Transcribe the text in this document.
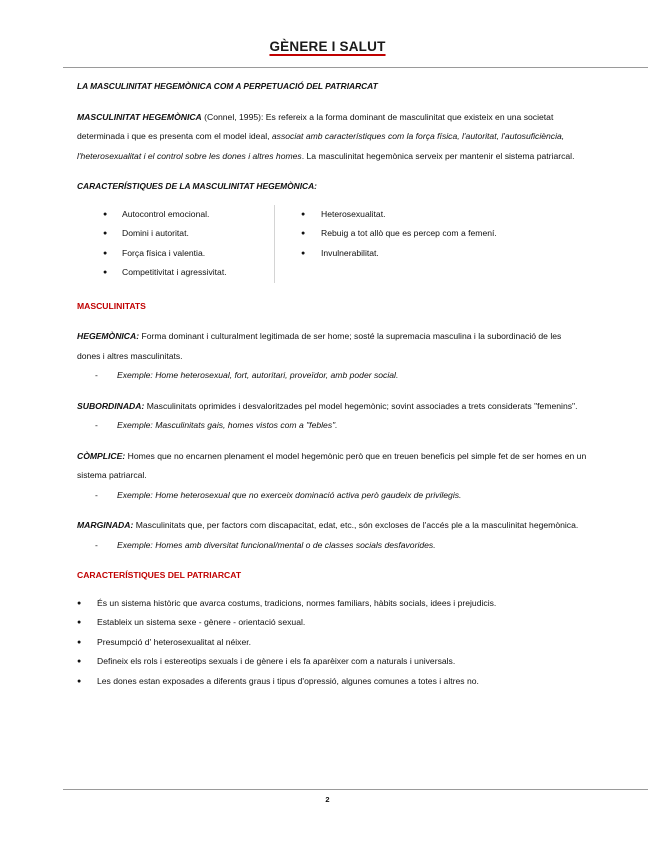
GÈNERE I SALUT

LA MASCULINITAT HEGEMÒNICA COM A PERPETUACIÓ DEL PATRIARCAT

MASCULINITAT HEGEMÒNICA (Connel, 1995): Es refereix a la forma dominant de masculinitat que existeix en una societat determinada i que es presenta com el model ideal, associat amb característiques com la força física, l'autoritat, l'autosuficiència, l'heterosexualitat i el control sobre les dones i altres homes. La masculinitat hegemònica serveix per mantenir el sistema patriarcal.

CARACTERÍSTIQUES DE LA MASCULINITAT HEGEMÒNICA:

● Autocontrol emocional.
● Domini i autoritat.
● Força física i valentia.
● Competitivitat i agressivitat.
● Heterosexualitat.
● Rebuig a tot allò que es percep com a femení.
● Invulnerabilitat.

MASCULINITATS

HEGEMÒNICA: Forma dominant i culturalment legitimada de ser home; sosté la supremacia masculina i la subordinació de les dones i altres masculinitats.

- Exemple: Home heterosexual, fort, autoritari, proveïdor, amb poder social.

SUBORDINADA: Masculinitats oprimides i desvaloritzades pel model hegemònic; sovint associades a trets considerats "femenins".

- Exemple: Masculinitats gais, homes vistos com a "febles".

CÒMPLICE: Homes que no encarnen plenament el model hegemònic però que en treuen beneficis pel simple fet de ser homes en un sistema patriarcal.

- Exemple: Home heterosexual que no exerceix dominació activa però gaudeix de privilegis.

MARGINADA: Masculinitats que, per factors com discapacitat, edat, etc., són excloses de l'accés ple a la masculinitat hegemònica.

- Exemple: Homes amb diversitat funcional/mental o de classes socials desfavorides.

CARACTERÍSTIQUES DEL PATRIARCAT

● És un sistema històric que avarca costums, tradicions, normes familiars, hàbits socials, idees i prejudicis.
● Estableix un sistema sexe - gènere - orientació sexual.
● Presumpció d' heterosexualitat al néixer.
● Defineix els rols i estereotips sexuals i de gènere i els fa aparèixer com a naturals i universals.
● Les dones estan exposades a diferents graus i tipus d'opressió, algunes comunes a totes i altres no.
2
